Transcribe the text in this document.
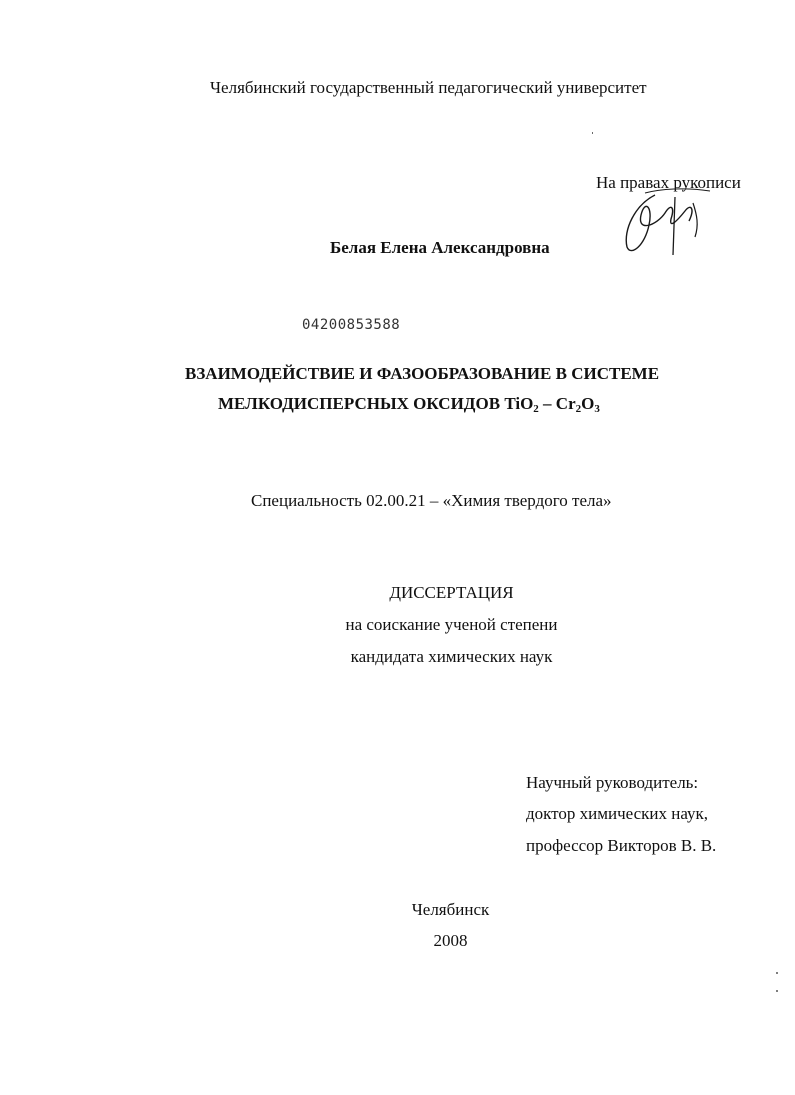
Челябинский государственный педагогический университет
На правах рукописи
Белая Елена Александровна
04200853588
ВЗАИМОДЕЙСТВИЕ И ФАЗООБРАЗОВАНИЕ В СИСТЕМЕ
МЕЛКОДИСПЕРСНЫХ ОКСИДОВ $TiO_2 - Cr_2O_3$
Специальность 02.00.21 – «Химия твердого тела»
ДИССЕРТАЦИЯ
на соискание ученой степени
кандидата химических наук
Научный руководитель:
доктор химических наук,
профессор Викторов В. В.
Челябинск
2008
